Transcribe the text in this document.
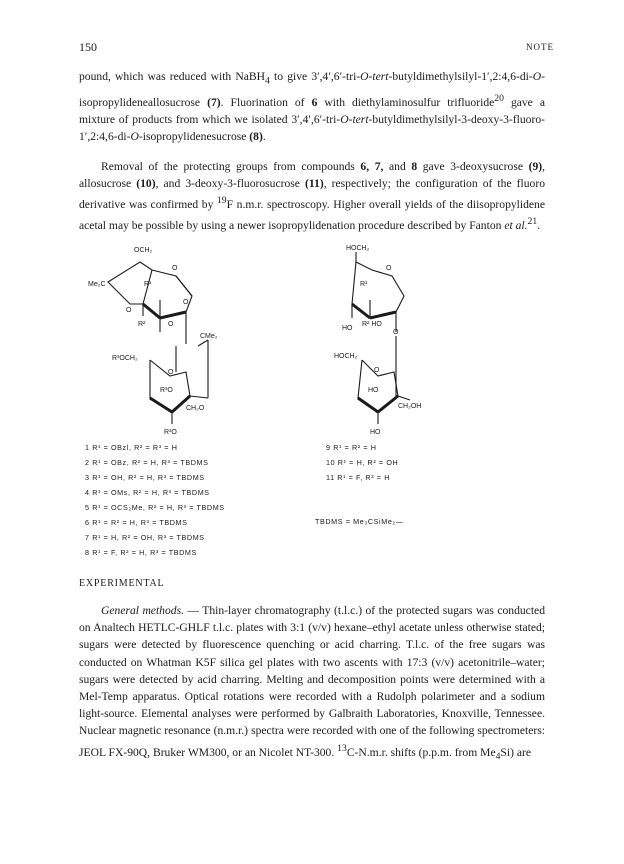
150	NOTE

pound, which was reduced with NaBH$_4$ to give 3′,4′,6′-tri-O-tert-butyldimethylsilyl-1′,2:4,6-di-O-isopropylideneallosucrose (7). Fluorination of 6 with diethylaminosulfur trifluoride$^{20}$ gave a mixture of products from which we isolated 3′,4′,6′-tri-O-tert-butyldimethylsilyl-3-deoxy-3-fluoro-1′,2:4,6-di-O-isopropylidenesucrose (8).

Removal of the protecting groups from compounds 6, 7, and 8 gave 3-deoxysucrose (9), allosucrose (10), and 3-deoxy-3-fluorosucrose (11), respectively; the configuration of the fluoro derivative was confirmed by $^{19}$F n.m.r. spectroscopy. Higher overall yields of the diisopropylidene acetal may be possible by using a newer isopropylidenation procedure described by Fanton et al.$^{21}$.

OCH₂
O
Me₂C	R¹
O
O
R²	O
CMe₂
R³OCH₂
O
R³O
CH₂O
R³O
HOCH₂
O
R¹
HO
O
R² HO
HOCH₂
O
HO
CH₂OH
HO
1 R¹ = OBzl, R² = R³ = H
2 R¹ = OBz, R² = H, R³ = TBDMS
3 R¹ = OH, R² = H, R³ = TBDMS
4 R¹ = OMs, R² = H, R³ = TBDMS
5 R¹ = OCS₂Me, R² = H, R³ = TBDMS
6 R¹ = R² = H, R³ = TBDMS
7 R¹ = H, R² = OH, R³ = TBDMS
8 R¹ = F, R² = H, R³ = TBDMS
9 R¹ = R² = H
10 R¹ = H, R² = OH
11 R¹ = F, R² = H
TBDMS = Me₃CSiMe₂—
EXPERIMENTAL

General methods. — Thin-layer chromatography (t.l.c.) of the protected sugars was conducted on Analtech HETLC-GHLF t.l.c. plates with 3:1 (v/v) hexane–ethyl acetate unless otherwise stated; sugars were detected by fluorescence quenching or acid charring. T.l.c. of the free sugars was conducted on Whatman K5F silica gel plates with two ascents with 17:3 (v/v) acetonitrile–water; sugars were detected by acid charring. Melting and decomposition points were determined with a Mel-Temp apparatus. Optical rotations were recorded with a Rudolph polarimeter and a sodium light-source. Elemental analyses were performed by Galbraith Laboratories, Knoxville, Tennessee. Nuclear magnetic resonance (n.m.r.) spectra were recorded with one of the following spectrometers: JEOL FX-90Q, Bruker WM300, or an Nicolet NT-300. $^{13}$C-N.m.r. shifts (p.p.m. from $Me_4Si$) are
